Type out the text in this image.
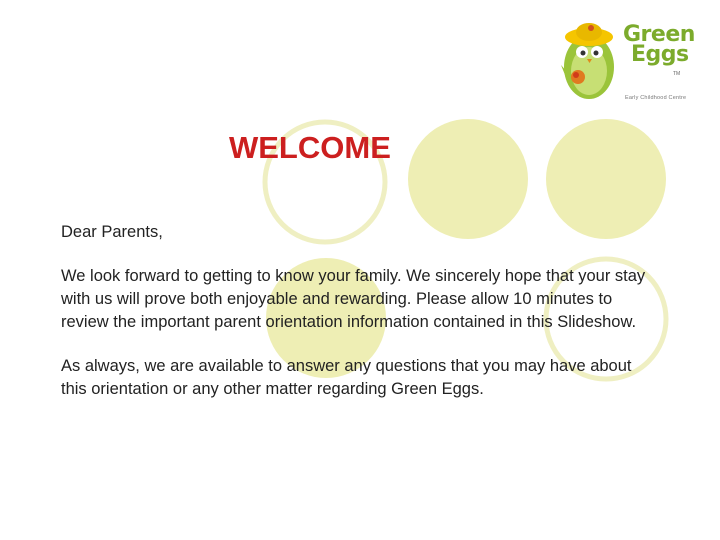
Green
Eggs
TM
Early Childhood Centre
WELCOME

Dear Parents,

We look forward to getting to know your family. We sincerely hope that your stay with us will prove both enjoyable and rewarding. Please allow 10 minutes to review the important parent orientation information contained in this Slideshow.

As always, we are available to answer any questions that you may have about this orientation or any other matter regarding Green Eggs.
